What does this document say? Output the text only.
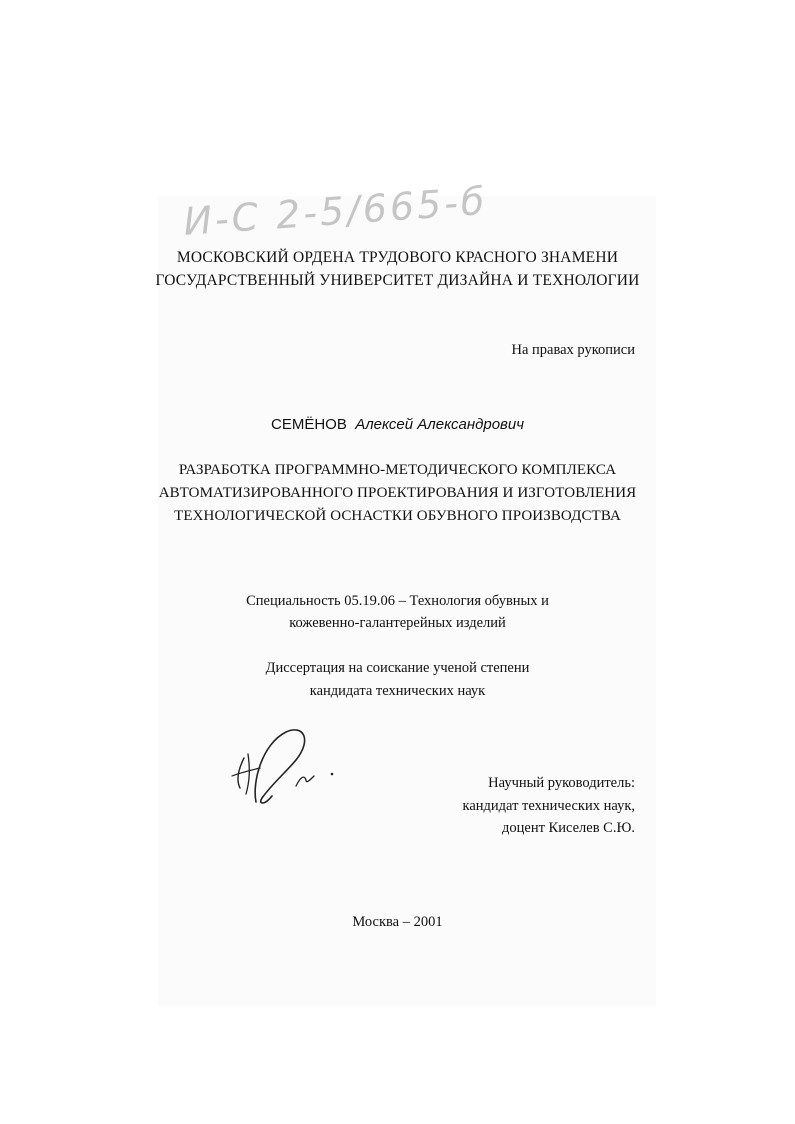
И-С 2-5/665-б
МОСКОВСКИЙ ОРДЕНА ТРУДОВОГО КРАСНОГО ЗНАМЕНИ
ГОСУДАРСТВЕННЫЙ УНИВЕРСИТЕТ ДИЗАЙНА И ТЕХНОЛОГИИ
На правах рукописи
СЕМЁНОВ Алексей Александрович
РАЗРАБОТКА ПРОГРАММНО-МЕТОДИЧЕСКОГО КОМПЛЕКСА
АВТОМАТИЗИРОВАННОГО ПРОЕКТИРОВАНИЯ И ИЗГОТОВЛЕНИЯ
ТЕХНОЛОГИЧЕСКОЙ ОСНАСТКИ ОБУВНОГО ПРОИЗВОДСТВА
Специальность 05.19.06 – Технология обувных и
кожевенно-галантерейных изделий
Диссертация на соискание ученой степени
кандидата технических наук
Научный руководитель:
кандидат технических наук,
доцент Киселев С.Ю.
Москва – 2001
